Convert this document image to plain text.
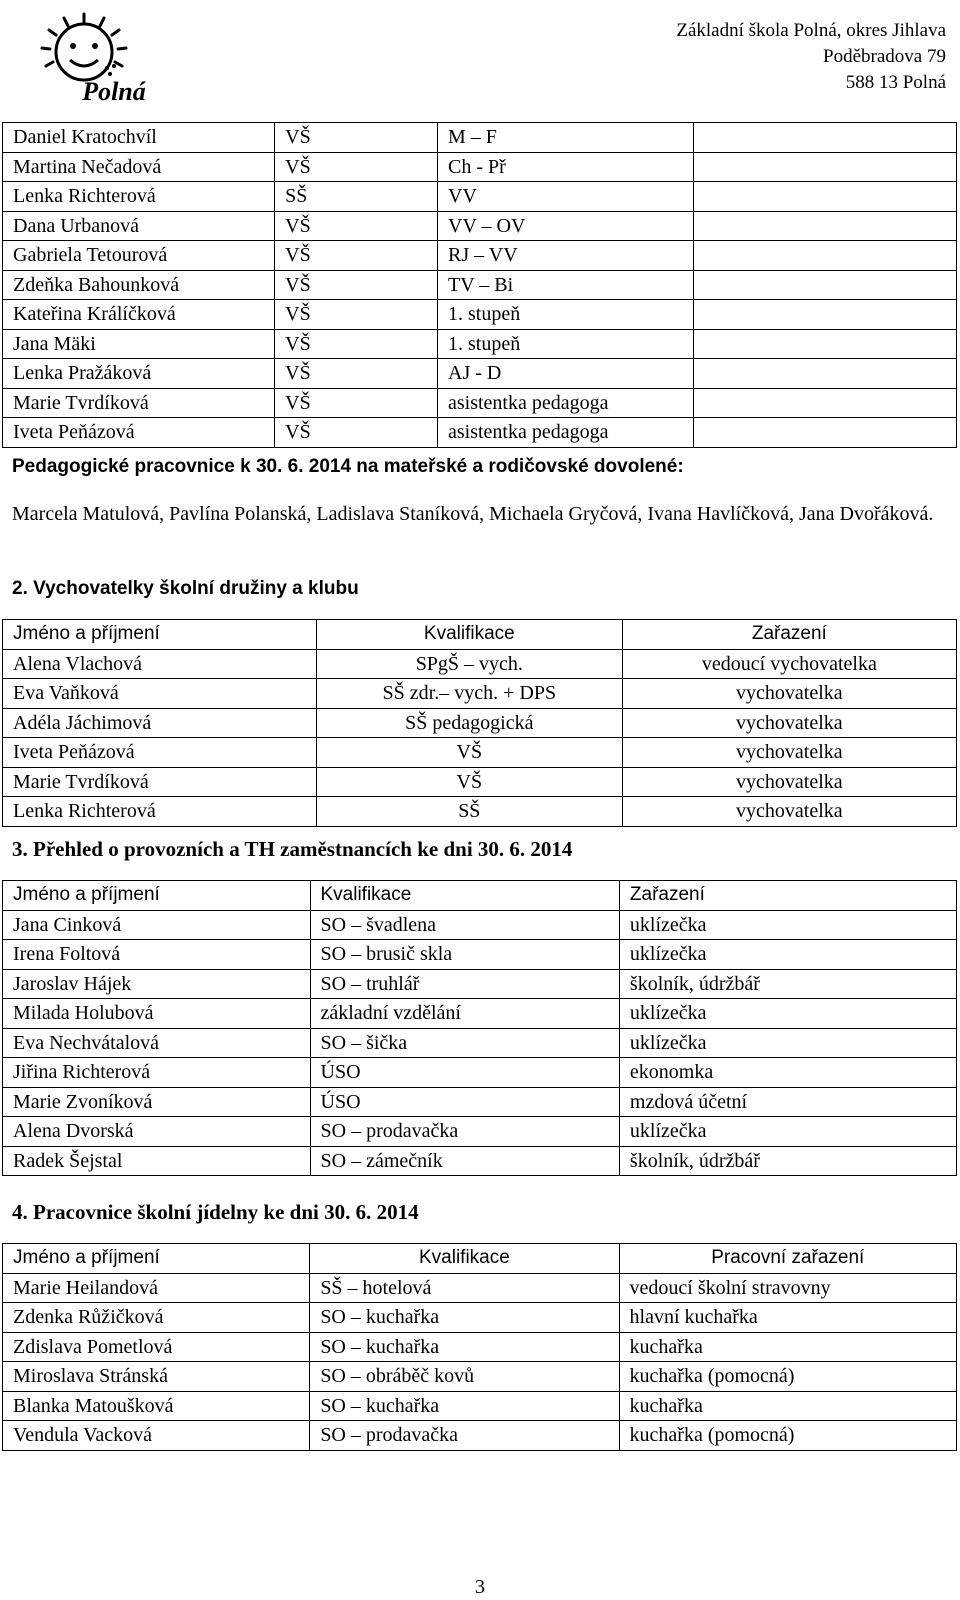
Polná
Základní škola Polná, okres Jihlava
Poděbradova 79
588 13 Polná
Daniel Kratochvíl	VŠ	M – F	
Martina Nečadová	VŠ	Ch - Př	
Lenka Richterová	SŠ	VV	
Dana Urbanová	VŠ	VV – OV	
Gabriela Tetourová	VŠ	RJ – VV	
Zdeňka Bahounková	VŠ	TV – Bi	
Kateřina Králíčková	VŠ	1. stupeň	
Jana Mäki	VŠ	1. stupeň	
Lenka Pražáková	VŠ	AJ - D	
Marie Tvrdíková	VŠ	asistentka pedagoga	
Iveta Peňázová	VŠ	asistentka pedagoga	
Pedagogické pracovnice k 30. 6. 2014 na mateřské a rodičovské dovolené:
Marcela Matulová, Pavlína Polanská, Ladislava Staníková, Michaela Gryčová, Ivana Havlíčková, Jana Dvořáková.
2. Vychovatelky školní družiny a klubu
Jméno a příjmení	Kvalifikace	Zařazení
Alena Vlachová	SPgŠ – vych.	vedoucí vychovatelka
Eva Vaňková	SŠ zdr.– vych. + DPS	vychovatelka
Adéla Jáchimová	SŠ pedagogická	vychovatelka
Iveta Peňázová	VŠ	vychovatelka
Marie Tvrdíková	VŠ	vychovatelka
Lenka Richterová	SŠ	vychovatelka
3. Přehled o provozních a TH zaměstnancích ke dni 30. 6. 2014
Jméno a příjmení	Kvalifikace	Zařazení
Jana Cinková	SO – švadlena	uklízečka
Irena Foltová	SO – brusič skla	uklízečka
Jaroslav Hájek	SO – truhlář	školník, údržbář
Milada Holubová	základní vzdělání	uklízečka
Eva Nechvátalová	SO – šička	uklízečka
Jiřina Richterová	ÚSO	ekonomka
Marie Zvoníková	ÚSO	mzdová účetní
Alena Dvorská	SO – prodavačka	uklízečka
Radek Šejstal	SO – zámečník	školník, údržbář
4. Pracovnice školní jídelny ke dni 30. 6. 2014
Jméno a příjmení	Kvalifikace	Pracovní zařazení
Marie Heilandová	SŠ – hotelová	vedoucí školní stravovny
Zdenka Růžičková	SO – kuchařka	hlavní kuchařka
Zdislava Pometlová	SO – kuchařka	kuchařka
Miroslava Stránská	SO – obráběč kovů	kuchařka (pomocná)
Blanka Matoušková	SO – kuchařka	kuchařka
Vendula Vacková	SO – prodavačka	kuchařka (pomocná)
3
